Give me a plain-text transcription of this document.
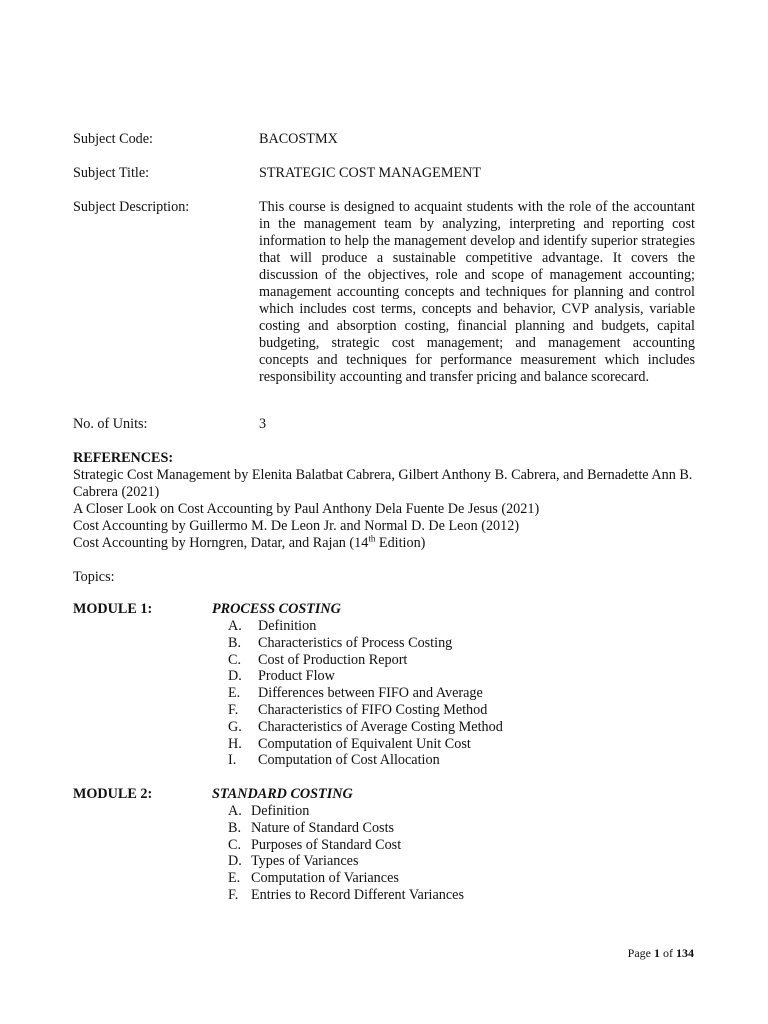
Subject Code:	BACOSTMX
Subject Title:	STRATEGIC COST MANAGEMENT
Subject Description:	This course is designed to acquaint students with the role of the accountant in the management team by analyzing, interpreting and reporting cost information to help the management develop and identify superior strategies that will produce a sustainable competitive advantage. It covers the discussion of the objectives, role and scope of management accounting; management accounting concepts and techniques for planning and control which includes cost terms, concepts and behavior, CVP analysis, variable costing and absorption costing, financial planning and budgets, capital budgeting, strategic cost management; and management accounting concepts and techniques for performance measurement which includes responsibility accounting and transfer pricing and balance scorecard.
No. of Units:	3
REFERENCES:

Strategic Cost Management by Elenita Balatbat Cabrera, Gilbert Anthony B. Cabrera, and Bernadette Ann B. Cabrera (2021)

A Closer Look on Cost Accounting by Paul Anthony Dela Fuente De Jesus (2021)

Cost Accounting by Guillermo M. De Leon Jr. and Normal D. De Leon (2012)

Cost Accounting by Horngren, Datar, and Rajan (14th Edition)

Topics:
MODULE 1:	PROCESS COSTING
A. Definition
B. Characteristics of Process Costing
C. Cost of Production Report
D. Product Flow
E. Differences between FIFO and Average
F. Characteristics of FIFO Costing Method
G. Characteristics of Average Costing Method
H. Computation of Equivalent Unit Cost
I. Computation of Cost Allocation
MODULE 2:	STANDARD COSTING
A. Definition
B. Nature of Standard Costs
C. Purposes of Standard Cost
D. Types of Variances
E. Computation of Variances
F. Entries to Record Different Variances
Page 1 of 134
